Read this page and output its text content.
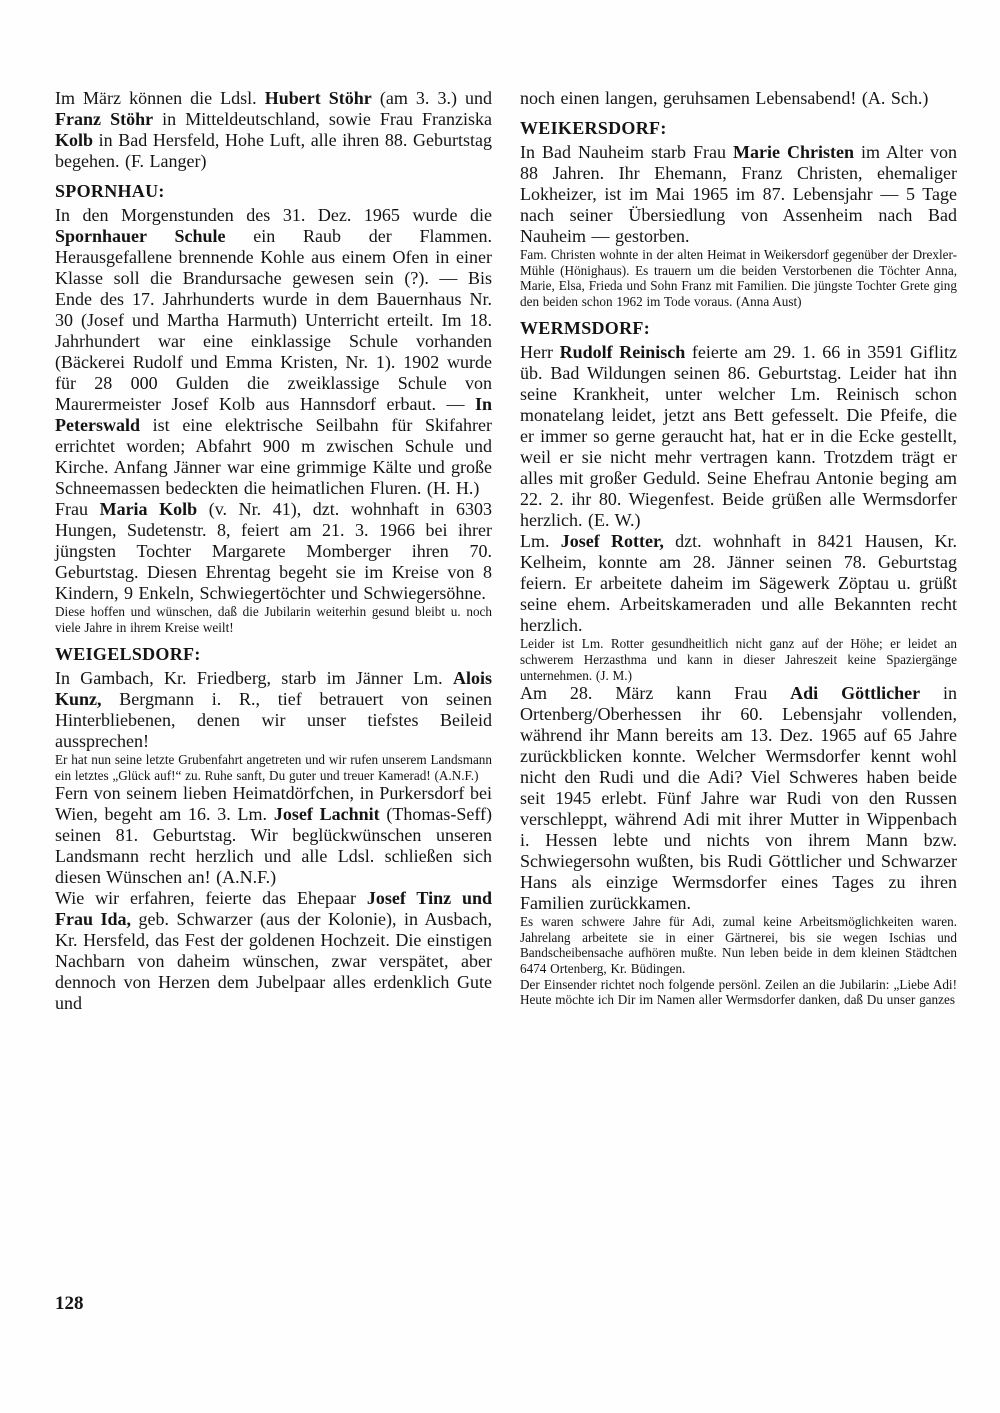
Im März können die Ldsl. Hubert Stöhr (am 3. 3.) und Franz Stöhr in Mitteldeutschland, sowie Frau Franziska Kolb in Bad Hersfeld, Hohe Luft, alle ihren 88. Geburtstag begehen. (F. Langer)

SPORNHAU:

In den Morgenstunden des 31. Dez. 1965 wurde die Spornhauer Schule ein Raub der Flammen. Herausgefallene brennende Kohle aus einem Ofen in einer Klasse soll die Brandursache gewesen sein (?). — Bis Ende des 17. Jahrhunderts wurde in dem Bauernhaus Nr. 30 (Josef und Martha Harmuth) Unterricht erteilt. Im 18. Jahrhundert war eine einklassige Schule vorhanden (Bäckerei Rudolf und Emma Kristen, Nr. 1). 1902 wurde für 28 000 Gulden die zweiklassige Schule von Maurermeister Josef Kolb aus Hannsdorf erbaut. — In Peterswald ist eine elektrische Seilbahn für Skifahrer errichtet worden; Abfahrt 900 m zwischen Schule und Kirche. Anfang Jänner war eine grimmige Kälte und große Schneemassen bedeckten die heimatlichen Fluren. (H. H.)

Frau Maria Kolb (v. Nr. 41), dzt. wohnhaft in 6303 Hungen, Sudetenstr. 8, feiert am 21. 3. 1966 bei ihrer jüngsten Tochter Margarete Momberger ihren 70. Geburtstag. Diesen Ehrentag begeht sie im Kreise von 8 Kindern, 9 Enkeln, Schwiegertöchter und Schwiegersöhne.

Diese hoffen und wünschen, daß die Jubilarin weiterhin gesund bleibt u. noch viele Jahre in ihrem Kreise weilt!

WEIGELSDORF:

In Gambach, Kr. Friedberg, starb im Jänner Lm. Alois Kunz, Bergmann i. R., tief betrauert von seinen Hinterbliebenen, denen wir unser tiefstes Beileid aussprechen!

Er hat nun seine letzte Grubenfahrt angetreten und wir rufen unserem Landsmann ein letztes „Glück auf!“ zu. Ruhe sanft, Du guter und treuer Kamerad! (A.N.F.)

Fern von seinem lieben Heimatdörfchen, in Purkersdorf bei Wien, begeht am 16. 3. Lm. Josef Lachnit (Thomas-Seff) seinen 81. Geburtstag. Wir beglückwünschen unseren Landsmann recht herzlich und alle Ldsl. schließen sich diesen Wünschen an! (A.N.F.)

Wie wir erfahren, feierte das Ehepaar Josef Tinz und Frau Ida, geb. Schwarzer (aus der Kolonie), in Ausbach, Kr. Hersfeld, das Fest der goldenen Hochzeit. Die einstigen Nachbarn von daheim wünschen, zwar verspätet, aber dennoch von Herzen dem Jubelpaar alles erdenklich Gute und

noch einen langen, geruhsamen Lebensabend! (A. Sch.)

WEIKERSDORF:

In Bad Nauheim starb Frau Marie Christen im Alter von 88 Jahren. Ihr Ehemann, Franz Christen, ehemaliger Lokheizer, ist im Mai 1965 im 87. Lebensjahr — 5 Tage nach seiner Übersiedlung von Assenheim nach Bad Nauheim — gestorben.

Fam. Christen wohnte in der alten Heimat in Weikersdorf gegenüber der Drexler-Mühle (Hönighaus). Es trauern um die beiden Verstorbenen die Töchter Anna, Marie, Elsa, Frieda und Sohn Franz mit Familien. Die jüngste Tochter Grete ging den beiden schon 1962 im Tode voraus. (Anna Aust)

WERMSDORF:

Herr Rudolf Reinisch feierte am 29. 1. 66 in 3591 Giflitz üb. Bad Wildungen seinen 86. Geburtstag. Leider hat ihn seine Krankheit, unter welcher Lm. Reinisch schon monatelang leidet, jetzt ans Bett gefesselt. Die Pfeife, die er immer so gerne geraucht hat, hat er in die Ecke gestellt, weil er sie nicht mehr vertragen kann. Trotzdem trägt er alles mit großer Geduld. Seine Ehefrau Antonie beging am 22. 2. ihr 80. Wiegenfest. Beide grüßen alle Wermsdorfer herzlich. (E. W.)

Lm. Josef Rotter, dzt. wohnhaft in 8421 Hausen, Kr. Kelheim, konnte am 28. Jänner seinen 78. Geburtstag feiern. Er arbeitete daheim im Sägewerk Zöptau u. grüßt seine ehem. Arbeitskameraden und alle Bekannten recht herzlich.

Leider ist Lm. Rotter gesundheitlich nicht ganz auf der Höhe; er leidet an schwerem Herzasthma und kann in dieser Jahreszeit keine Spaziergänge unternehmen. (J. M.)

Am 28. März kann Frau Adi Göttlicher in Ortenberg/Oberhessen ihr 60. Lebensjahr vollenden, während ihr Mann bereits am 13. Dez. 1965 auf 65 Jahre zurückblicken konnte. Welcher Wermsdorfer kennt wohl nicht den Rudi und die Adi? Viel Schweres haben beide seit 1945 erlebt. Fünf Jahre war Rudi von den Russen verschleppt, während Adi mit ihrer Mutter in Wippenbach i. Hessen lebte und nichts von ihrem Mann bzw. Schwiegersohn wußten, bis Rudi Göttlicher und Schwarzer Hans als einzige Wermsdorfer eines Tages zu ihren Familien zurückkamen.

Es waren schwere Jahre für Adi, zumal keine Arbeitsmöglichkeiten waren. Jahrelang arbeitete sie in einer Gärtnerei, bis sie wegen Ischias und Bandscheibensache aufhören mußte. Nun leben beide in dem kleinen Städtchen 6474 Ortenberg, Kr. Büdingen.

Der Einsender richtet noch folgende persönl. Zeilen an die Jubilarin: „Liebe Adi! Heute möchte ich Dir im Namen aller Wermsdorfer danken, daß Du unser ganzes

128
